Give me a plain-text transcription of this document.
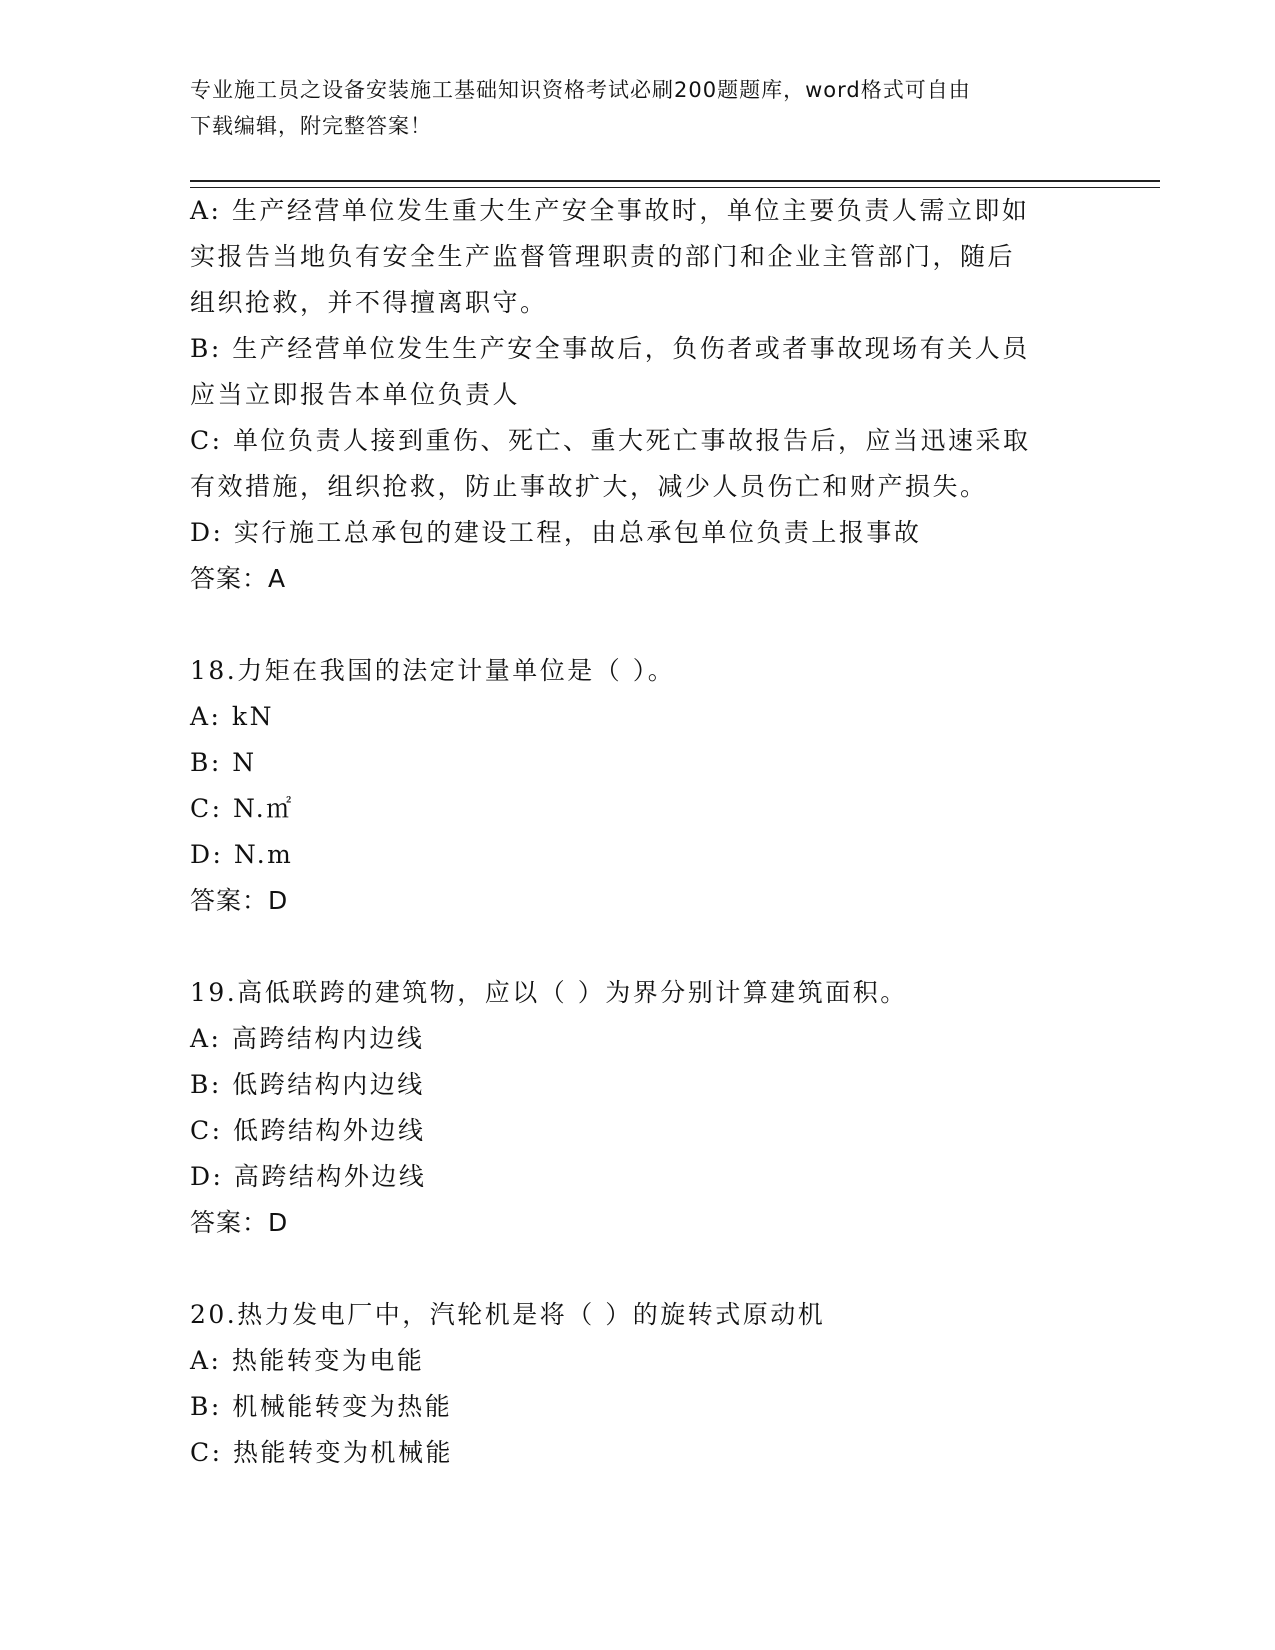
专业施工员之设备安装施工基础知识资格考试必刷200题题库，word格式可自由
下载编辑，附完整答案！
A: 生产经营单位发生重大生产安全事故时，单位主要负责人需立即如
实报告当地负有安全生产监督管理职责的部门和企业主管部门，随后
组织抢救，并不得擅离职守。
B: 生产经营单位发生生产安全事故后，负伤者或者事故现场有关人员
应当立即报告本单位负责人
C: 单位负责人接到重伤、死亡、重大死亡事故报告后，应当迅速采取
有效措施，组织抢救，防止事故扩大，减少人员伤亡和财产损失。
D: 实行施工总承包的建设工程，由总承包单位负责上报事故
答案：A
18.力矩在我国的法定计量单位是（ ）。
A: kN
B: N
C: N.㎡
D: N.m
答案：D
19.高低联跨的建筑物，应以（ ）为界分别计算建筑面积。
A: 高跨结构内边线
B: 低跨结构内边线
C: 低跨结构外边线
D: 高跨结构外边线
答案：D
20.热力发电厂中，汽轮机是将（ ）的旋转式原动机
A: 热能转变为电能
B: 机械能转变为热能
C: 热能转变为机械能
